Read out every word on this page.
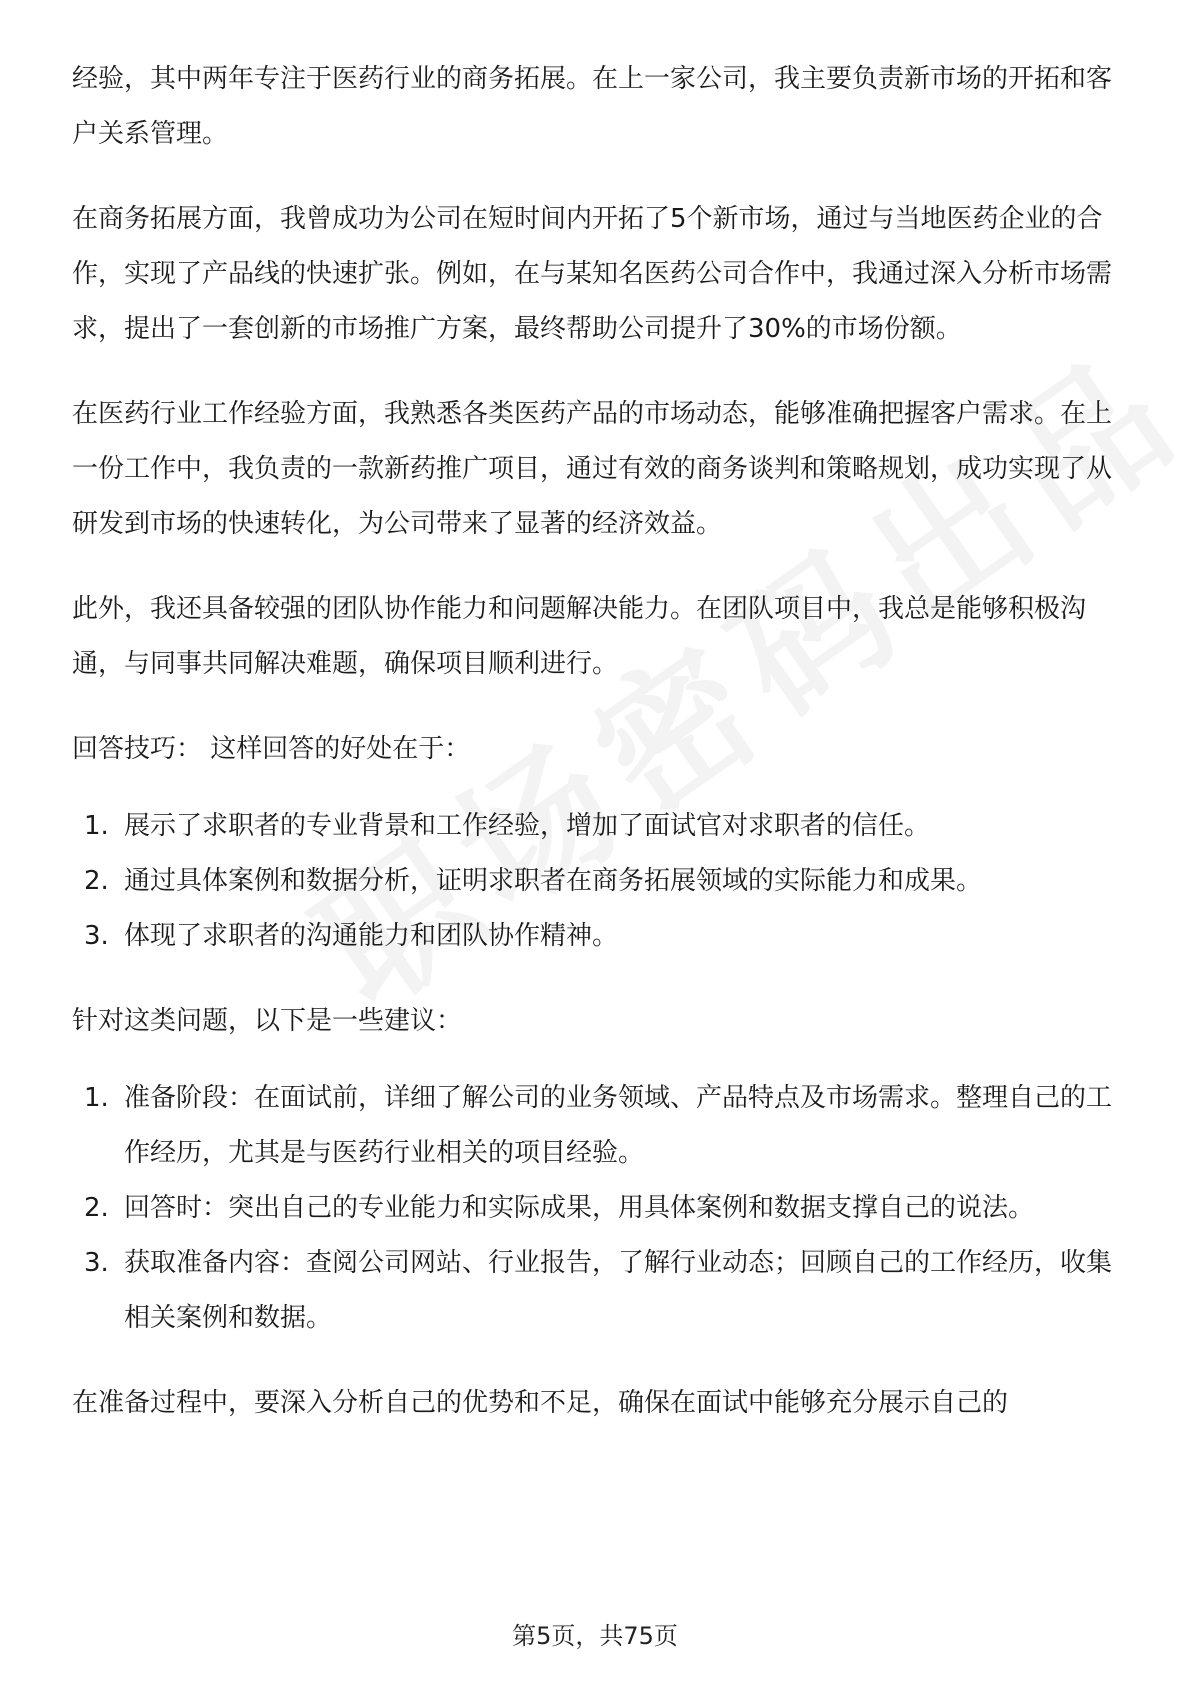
经验，其中两年专注于医药行业的商务拓展。在上一家公司，我主要负责新市场的开拓和客户关系管理。

在商务拓展方面，我曾成功为公司在短时间内开拓了5个新市场，通过与当地医药企业的合作，实现了产品线的快速扩张。例如，在与某知名医药公司合作中，我通过深入分析市场需求，提出了一套创新的市场推广方案，最终帮助公司提升了30%的市场份额。

在医药行业工作经验方面，我熟悉各类医药产品的市场动态，能够准确把握客户需求。在上一份工作中，我负责的一款新药推广项目，通过有效的商务谈判和策略规划，成功实现了从研发到市场的快速转化，为公司带来了显著的经济效益。

此外，我还具备较强的团队协作能力和问题解决能力。在团队项目中，我总是能够积极沟通，与同事共同解决难题，确保项目顺利进行。

回答技巧： 这样回答的好处在于：

1. 展示了求职者的专业背景和工作经验，增加了面试官对求职者的信任。
2. 通过具体案例和数据分析，证明求职者在商务拓展领域的实际能力和成果。
3. 体现了求职者的沟通能力和团队协作精神。

针对这类问题，以下是一些建议：

1. 准备阶段：在面试前，详细了解公司的业务领域、产品特点及市场需求。整理自己的工作经历，尤其是与医药行业相关的项目经验。
2. 回答时：突出自己的专业能力和实际成果，用具体案例和数据支撑自己的说法。
3. 获取准备内容：查阅公司网站、行业报告，了解行业动态；回顾自己的工作经历，收集相关案例和数据。

在准备过程中，要深入分析自己的优势和不足，确保在面试中能够充分展示自己的

第5页，共75页
